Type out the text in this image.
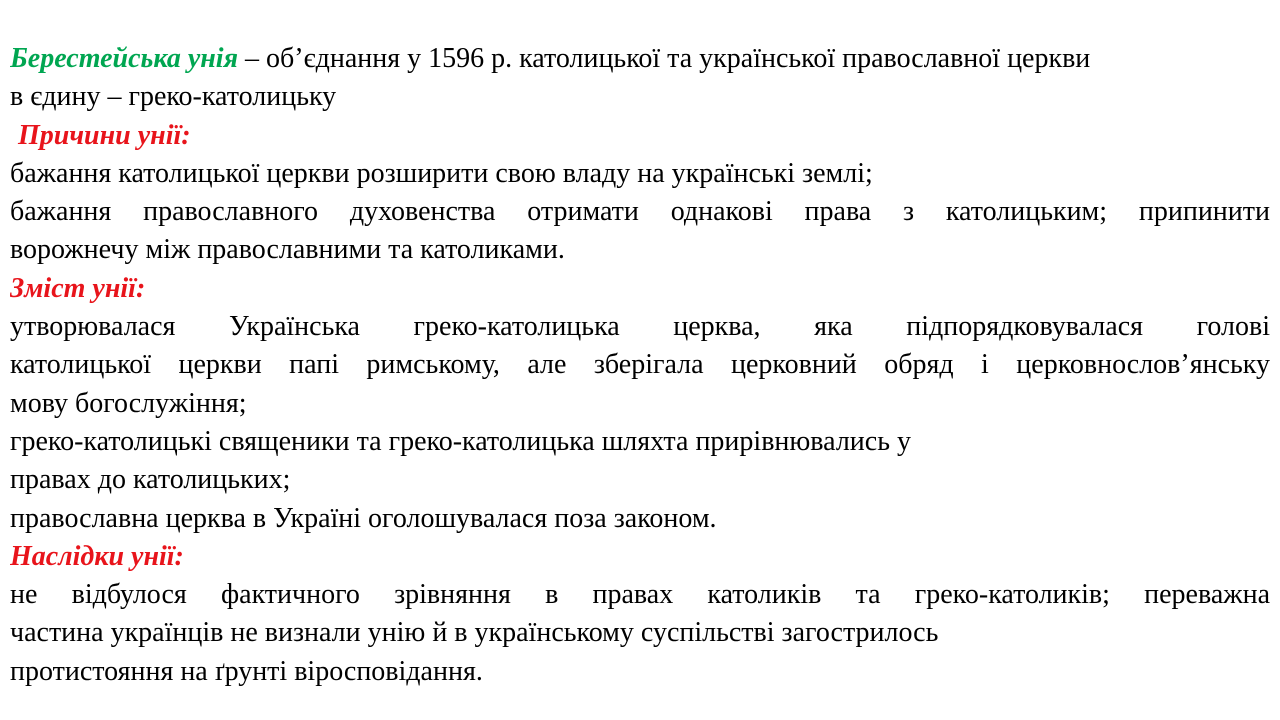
Берестейська унія – об’єднання у 1596 р. католицької та української православної церкви
в єдину – греко-католицьку
Причини унії:
бажання католицької церкви розширити свою владу на українські землі;
бажання православного духовенства отримати однакові права з католицьким; припинити
ворожнечу між православними та католиками.
Зміст унії:
утворювалася Українська греко-католицька церква, яка підпорядковувалася голові
католицької церкви папі римському, але зберігала церковний обряд і церковнослов’янську
мову богослужіння;
греко-католицькі священики та греко-католицька шляхта прирівнювались у
правах до католицьких;
православна церква в Україні оголошувалася поза законом.
Наслідки унії:
не відбулося фактичного зрівняння в правах католиків та греко-католиків; переважна
частина українців не визнали унію й в українському суспільстві загострилось
протистояння на ґрунті віросповідання.
